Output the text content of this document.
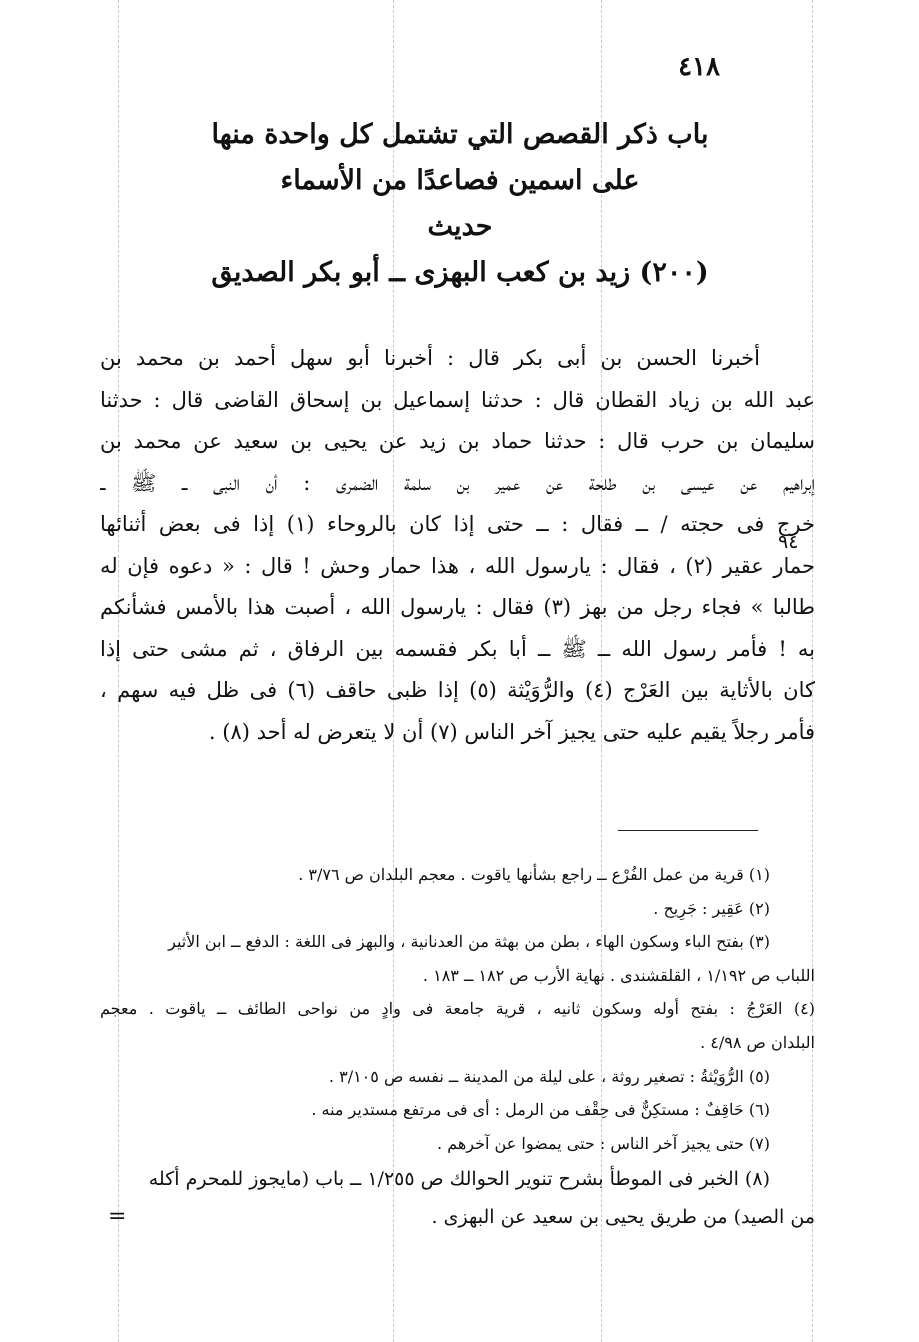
٤١٨
باب ذكر القصص التي تشتمل كل واحدة منها
على اسمين فصاعدًا من الأسماء
حديث
(٢٠٠) زيد بن كعب البهزى ــ أبو بكر الصديق
أخبرنا الحسن بن أبى بكر قال : أخبرنا أبو سهل أحمد بن محمد بن
عبد الله بن زياد القطان قال : حدثنا إسماعيل بن إسحاق القاضى قال : حدثنا
سليمان بن حرب قال : حدثنا حماد بن زيد عن يحيى بن سعيد عن محمد بن
إبراهيم عن عيسى بن طلحة عن عمير بن سلمة الضمرى : أن النبى ــ ﷺ ــ
خرج فى حجته / ــ فقال : ــ حتى إذا كان بالروحاء (١) إذا فى بعض أثنائها
حمار عقير (٢) ، فقال : يارسول الله ، هذا حمار وحش ! قال : « دعوه فإن له
طالبا » فجاء رجل من بهز (٣) فقال : يارسول الله ، أصبت هذا بالأمس فشأنكم
به ! فأمر رسول الله ــ ﷺ ــ أبا بكر فقسمه بين الرفاق ، ثم مشى حتى إذا
كان بالأثاية بين العَرْج (٤) والرُّوَيْثة (٥) إذا ظبى حاقف (٦) فى ظل فيه سهم ،
فأمر رجلاً يقيم عليه حتى يجيز آخر الناس (٧) أن لا يتعرض له أحد (٨) .
٩٤
(١) قرية من عمل الفُرْع ــ راجع بشأنها ياقوت . معجم البلدان ص ٣/٧٦ .
(٢) عَقِير : جَرِيح .
(٣) بفتح الباء وسكون الهاء ، بطن من بهثة من العدنانية ، والبهز فى اللغة : الدفع ــ ابن الأثير
اللباب ص ١/١٩٢ ، القلقشندى . نهاية الأرب ص ١٨٢ ــ ١٨٣ .
(٤) العَرْجُ : بفتح أوله وسكون ثانيه ، قرية جامعة فى وادٍ من نواحى الطائف ــ ياقوت . معجم
البلدان ص ٤/٩٨ .
(٥) الرُّوَيْثةُ : تصغير روثة ، على ليلة من المدينة ــ نفسه ص ٣/١٠٥ .
(٦) حَاقِفٌ : مستكِنٌّ فى حِقْف من الرمل : أى فى مرتفع مستدير منه .
(٧) حتى يجيز آخر الناس : حتى يمضوا عن آخرهم .
(٨) الخبر فى الموطأ بشرح تنوير الحوالك ص ١/٢٥٥ ــ باب (مايجوز للمحرم أكله
من الصيد) من طريق يحيى بن سعيد عن البهزى .
=
